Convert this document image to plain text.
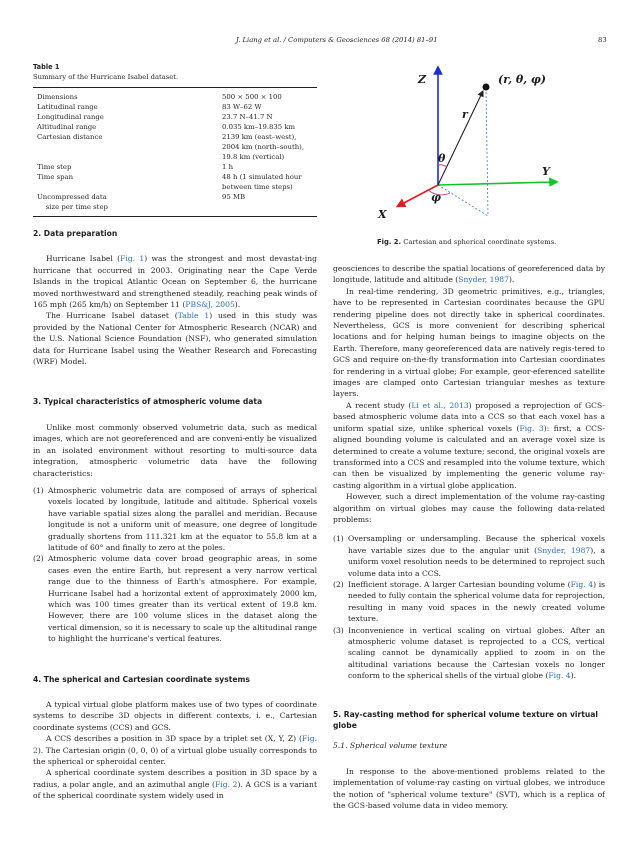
J. Liang et al. / Computers & Geosciences 68 (2014) 81–91	83
Table 1
Summary of the Hurricane Isabel dataset.
Dimensions	500 × 500 × 100
Latitudinal range	83 W–62 W
Longitudinal range	23.7 N–41.7 N
Altitudinal range	0.035 km–19.835 km
Cartesian distance	2139 km (east–west),
2004 km (north–south),
19.8 km (vertical)
Time step	1 h
Time span	48 h (1 simulated hour
between time steps)
Uncompressed data	95 MB
size per time step
Z
Y
X
r
θ
φ
(r, θ, φ)
Fig. 2. Cartesian and spherical coordinate systems.
2. Data preparation

Hurricane Isabel (Fig. 1) was the strongest and most devastat-ing hurricane that occurred in 2003. Originating near the Cape Verde Islands in the tropical Atlantic Ocean on September 6, the hurricane moved northwestward and strengthened steadily, reaching peak winds of 165 mph (265 km/h) on September 11 (PBS&J, 2005).

The Hurricane Isabel dataset (Table 1) used in this study was provided by the National Center for Atmospheric Research (NCAR) and the U.S. National Science Foundation (NSF), who generated simulation data for Hurricane Isabel using the Weather Research and Forecasting (WRF) Model.

3. Typical characteristics of atmospheric volume data

Unlike most commonly observed volumetric data, such as medical images, which are not georeferenced and are conveni-ently be visualized in an isolated environment without resorting to multi-source data integration, atmospheric volumetric data have the following characteristics:

(1) Atmospheric volumetric data are composed of arrays of spherical voxels located by longitude, latitude and altitude. Spherical voxels have variable spatial sizes along the parallel and meridian. Because longitude is not a uniform unit of measure, one degree of longitude gradually shortens from 111.321 km at the equator to 55.8 km at a latitude of 60° and finally to zero at the poles.
(2) Atmospheric volume data cover broad geographic areas, in some cases even the entire Earth, but represent a very narrow vertical range due to the thinness of Earth's atmosphere. For example, Hurricane Isabel had a horizontal extent of approximately 2000 km, which was 100 times greater than its vertical extent of 19.8 km. However, there are 100 volume slices in the dataset along the vertical dimension, so it is necessary to scale up the altitudinal range to highlight the hurricane's vertical features.
4. The spherical and Cartesian coordinate systems

A typical virtual globe platform makes use of two types of coordinate systems to describe 3D objects in different contexts, i. e., Cartesian coordinate systems (CCS) and GCS.

A CCS describes a position in 3D space by a triplet set (X, Y, Z) (Fig. 2). The Cartesian origin (0, 0, 0) of a virtual globe usually corresponds to the spherical or spheroidal center.

A spherical coordinate system describes a position in 3D space by a radius, a polar angle, and an azimuthal angle (Fig. 2). A GCS is a variant of the spherical coordinate system widely used in

geosciences to describe the spatial locations of georeferenced data by longitude, latitude and altitude (Snyder, 1987).

In real-time rendering, 3D geometric primitives, e.g., triangles, have to be represented in Cartesian coordinates because the GPU rendering pipeline does not directly take in spherical coordinates. Nevertheless, GCS is more convenient for describing spherical locations and for helping human beings to imagine objects on the Earth. Therefore, many georeferenced data are natively regis-tered to GCS and require on-the-fly transformation into Cartesian coordinates for rendering in a virtual globe; For example, geor-eferenced satellite images are clamped onto Cartesian triangular meshes as texture layers.

A recent study (Li et al., 2013) proposed a reprojection of GCS-based atmospheric volume data into a CCS so that each voxel has a uniform spatial size, unlike spherical voxels (Fig. 3): first, a CCS-aligned bounding volume is calculated and an average voxel size is determined to create a volume texture; second, the original voxels are transformed into a CCS and resampled into the volume texture, which can then be visualized by implementing the generic volume ray-casting algorithm in a virtual globe application.

However, such a direct implementation of the volume ray-casting algorithm on virtual globes may cause the following data-related problems:

(1) Oversampling or undersampling. Because the spherical voxels have variable sizes due to the angular unit (Snyder, 1987), a uniform voxel resolution needs to be determined to reproject such volume data into a CCS.
(2) Inefficient storage. A larger Cartesian bounding volume (Fig. 4) is needed to fully contain the spherical volume data for reprojection, resulting in many void spaces in the newly created volume texture.
(3) Inconvenience in vertical scaling on virtual globes. After an atmospheric volume dataset is reprojected to a CCS, vertical scaling cannot be dynamically applied to zoom in on the altitudinal variations because the Cartesian voxels no longer conform to the spherical shells of the virtual globe (Fig. 4).
5. Ray-casting method for spherical volume texture on virtual globe
5.1. Spherical volume texture

In response to the above-mentioned problems related to the implementation of volume-ray casting on virtual globes, we introduce the notion of "spherical volume texture" (SVT), which is a replica of the GCS-based volume data in video memory.
